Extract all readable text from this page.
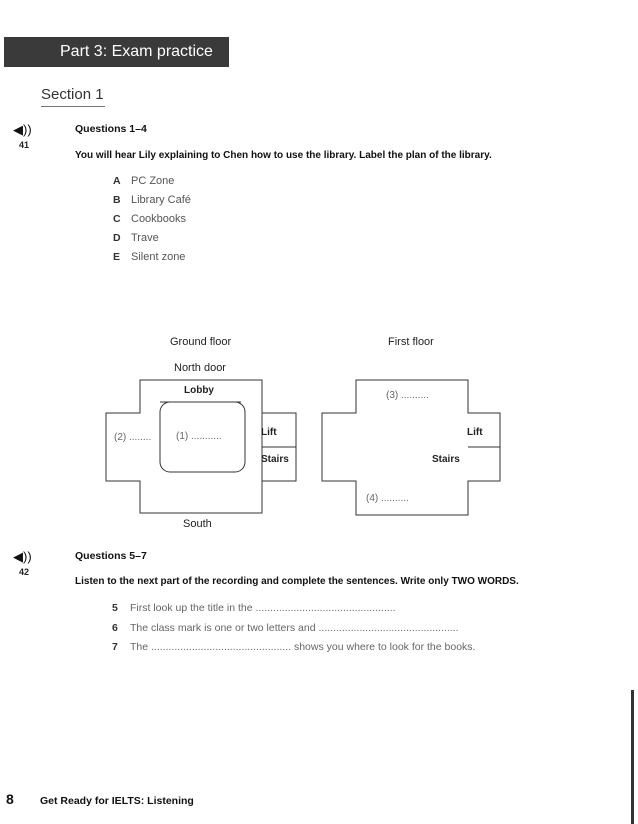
Part 3: Exam practice
Section 1
◀))
41
Questions 1–4
You will hear Lily explaining to Chen how to use the library. Label the plan of the library.
A PC Zone
B Library Café
C Cookbooks
D Trave
E Silent zone
Ground floor	First floor
North door
Lobby
(1) ...........
(2) ........	Lift
Stairs
South
(3) ..........
Lift
Stairs
(4) ..........
◀))
42
Questions 5–7
Listen to the next part of the recording and complete the sentences. Write only TWO WORDS.
5	First look up the title in the ................................................
6	The class mark is one or two letters and ................................................
7	The ................................................ shows you where to look for the books.
8 Get Ready for IELTS: Listening
